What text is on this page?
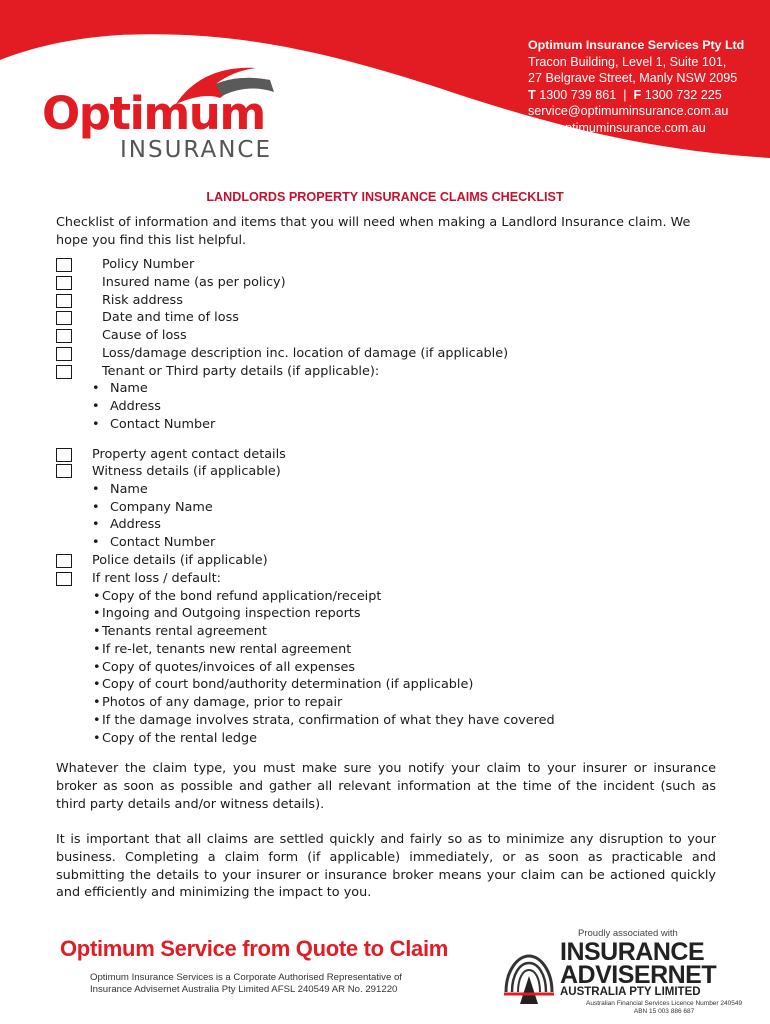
Optimum Insurance Services Pty Ltd
Tracon Building, Level 1, Suite 101,
27 Belgrave Street, Manly NSW 2095
T 1300 739 861 | F 1300 732 225
service@optimuminsurance.com.au
www.optimuminsurance.com.au
Optimum
INSURANCE
LANDLORDS PROPERTY INSURANCE CLAIMS CHECKLIST
Checklist of information and items that you will need when making a Landlord Insurance claim. We hope you find this list helpful.
Policy Number
Insured name (as per policy)
Risk address
Date and time of loss
Cause of loss
Loss/damage description inc. location of damage (if applicable)
Tenant or Third party details (if applicable):
• Name
• Address
• Contact Number
Property agent contact details
Witness details (if applicable)
• Name
• Company Name
• Address
• Contact Number
Police details (if applicable)
If rent loss / default:
• Copy of the bond refund application/receipt
• Ingoing and Outgoing inspection reports
• Tenants rental agreement
• If re-let, tenants new rental agreement
• Copy of quotes/invoices of all expenses
• Copy of court bond/authority determination (if applicable)
• Photos of any damage, prior to repair
• If the damage involves strata, confirmation of what they have covered
• Copy of the rental ledge
Whatever the claim type, you must make sure you notify your claim to your insurer or insurance broker as soon as possible and gather all relevant information at the time of the incident (such as third party details and/or witness details).
It is important that all claims are settled quickly and fairly so as to minimize any disruption to your business. Completing a claim form (if applicable) immediately, or as soon as practicable and submitting the details to your insurer or insurance broker means your claim can be actioned quickly and efficiently and minimizing the impact to you.
Optimum Service from Quote to Claim
Optimum Insurance Services is a Corporate Authorised Representative of
Insurance Advisernet Australia Pty Limited AFSL 240549 AR No. 291220
Proudly associated with
INSURANCE
ADVISERNET
AUSTRALIA PTY LIMITED
Australian Financial Services Licence Number 240549
ABN 15 003 886 687
